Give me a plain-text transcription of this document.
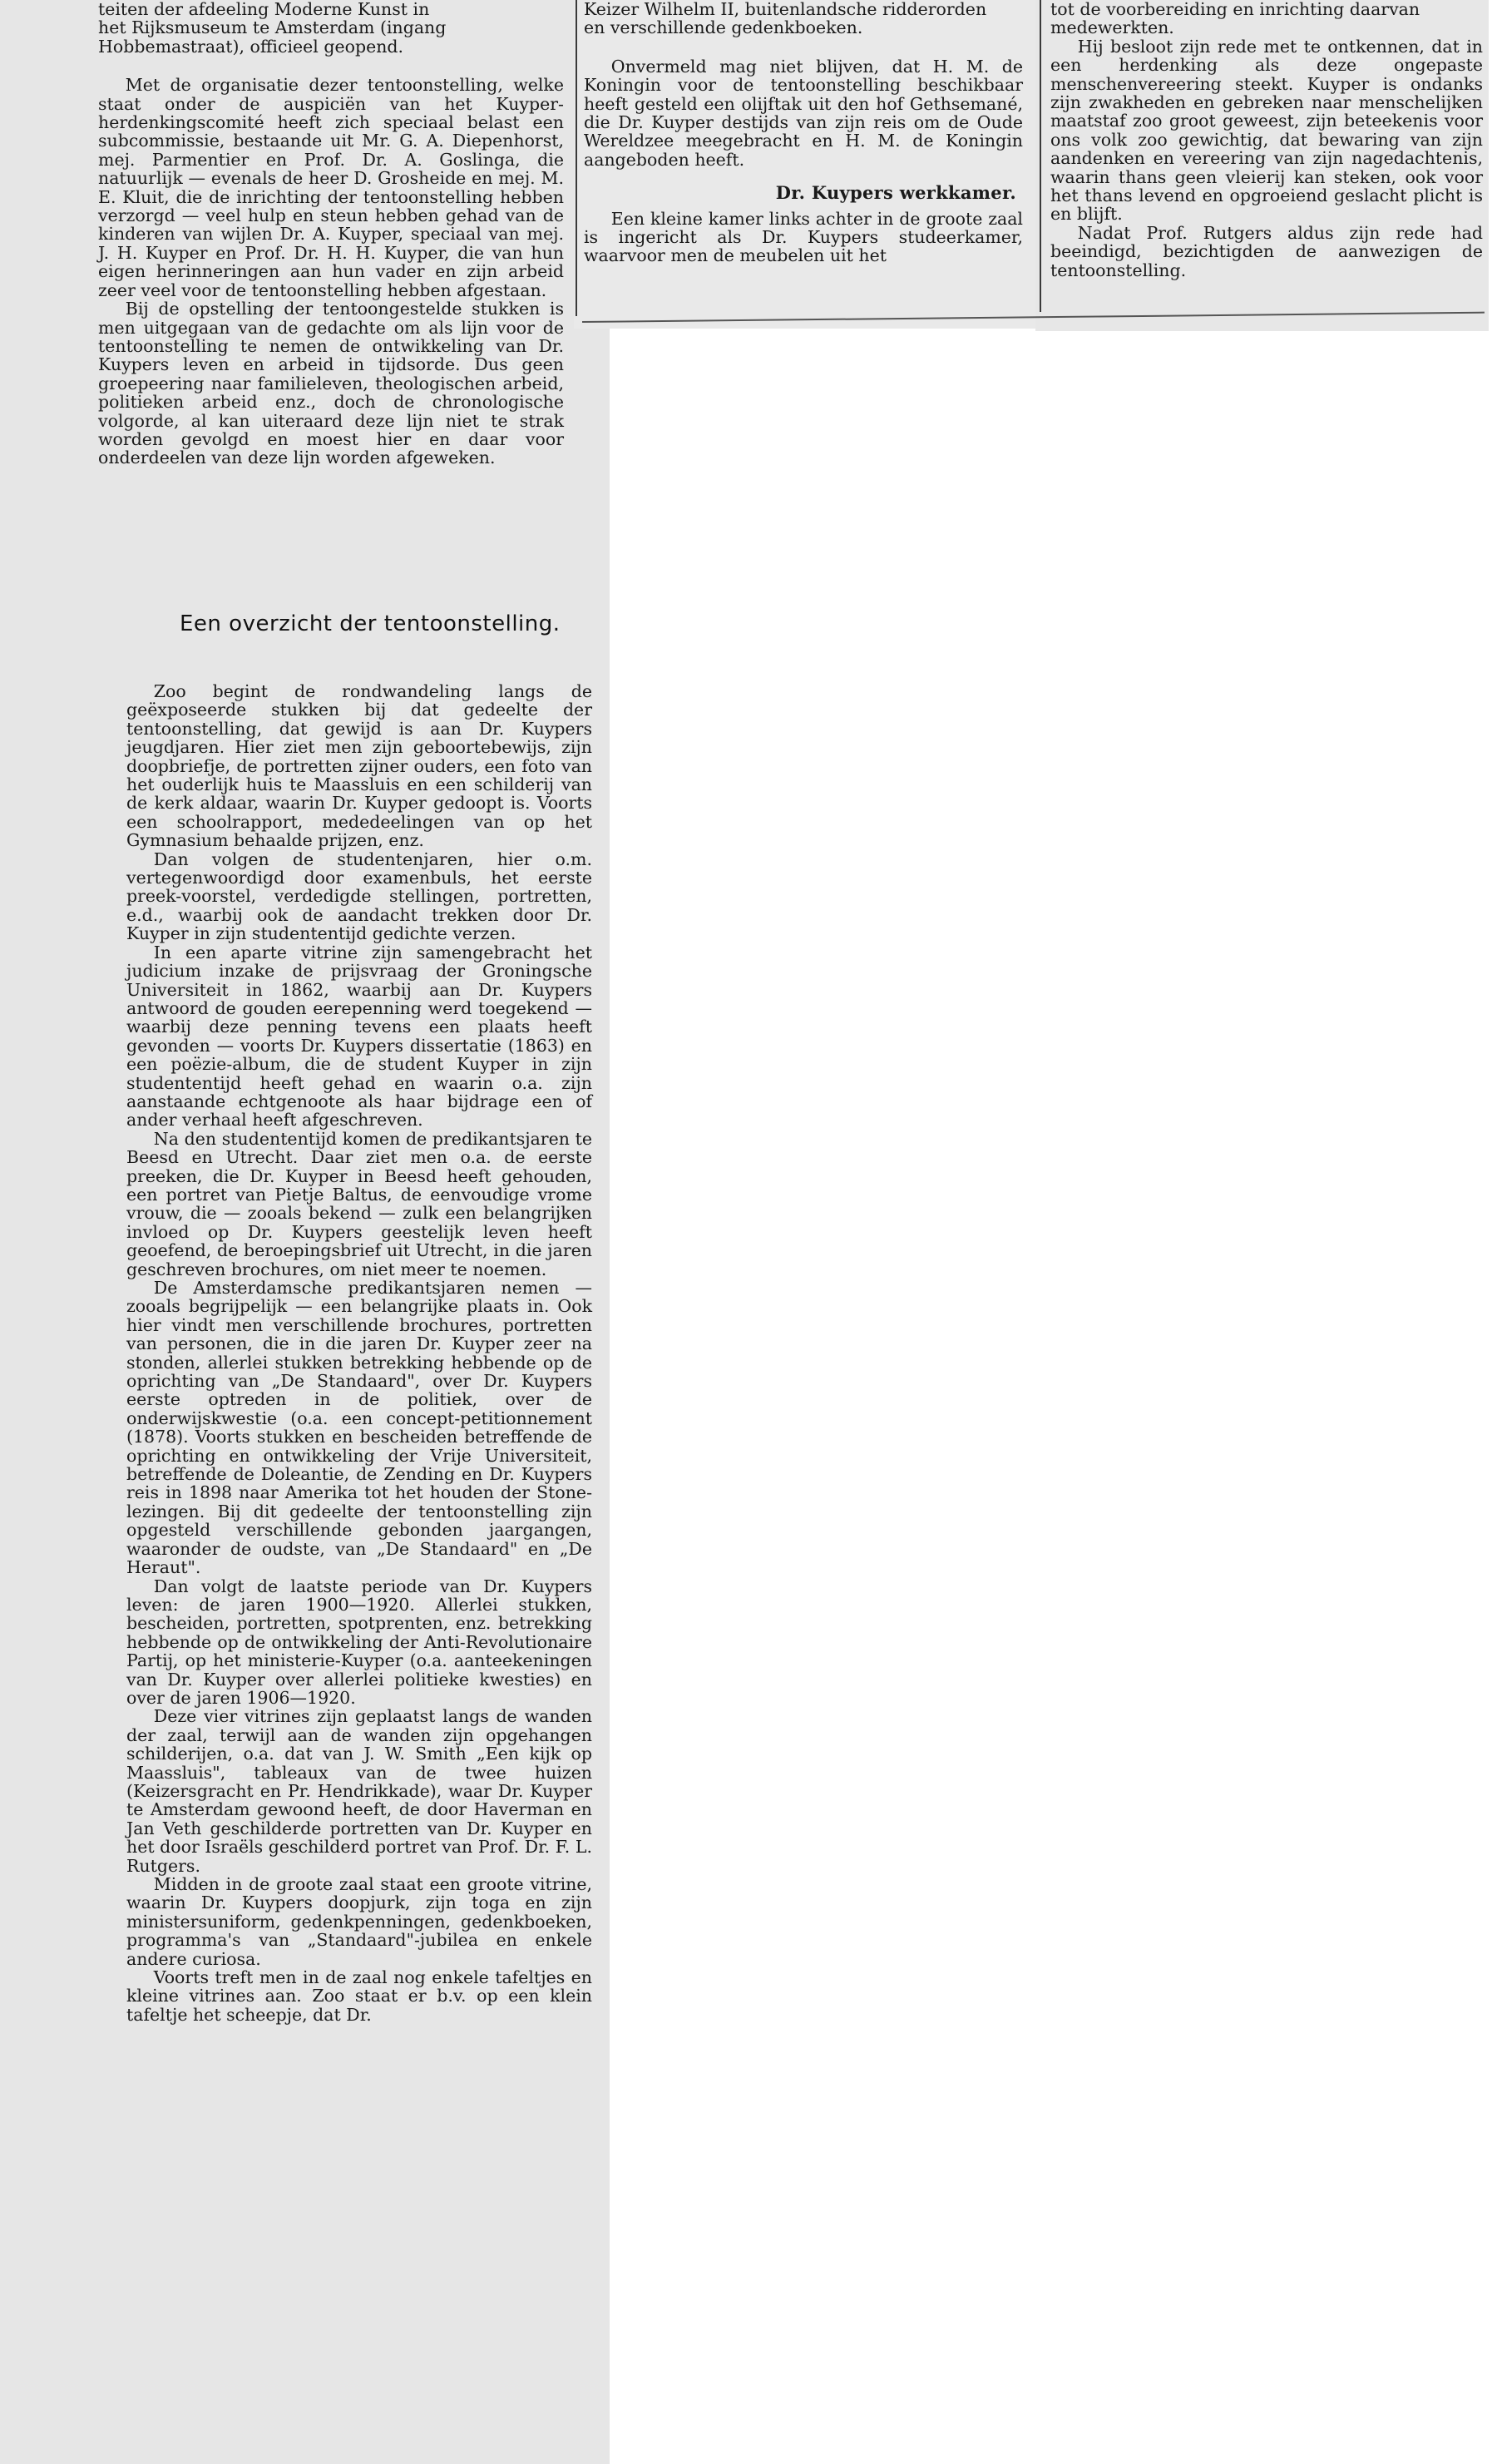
teiten der afdeeling Moderne Kunst in

het Rijksmuseum te Amsterdam (ingang

Hobbemastraat), officieel geopend.

Met de organisatie dezer tentoonstelling, welke staat onder de auspiciën van het Kuyper-herdenkingscomité heeft zich speciaal belast een subcommissie, bestaande uit Mr. G. A. Diepenhorst, mej. Parmentier en Prof. Dr. A. Goslinga, die natuurlijk — evenals de heer D. Grosheide en mej. M. E. Kluit, die de inrichting der tentoonstelling hebben verzorgd — veel hulp en steun hebben gehad van de kinderen van wijlen Dr. A. Kuyper, speciaal van mej. J. H. Kuyper en Prof. Dr. H. H. Kuyper, die van hun eigen herinneringen aan hun vader en zijn arbeid zeer veel voor de tentoonstelling hebben afgestaan.

Bij de opstelling der tentoongestelde stukken is men uitgegaan van de gedachte om als lijn voor de tentoonstelling te nemen de ontwikkeling van Dr. Kuypers leven en arbeid in tijdsorde. Dus geen groepeering naar familieleven, theologischen arbeid, politieken arbeid enz., doch de chronologische volgorde, al kan uiteraard deze lijn niet te strak worden gevolgd en moest hier en daar voor onderdeelen van deze lijn worden afgeweken.

Een overzicht der tentoonstelling.

Zoo begint de rondwandeling langs de geëxposeerde stukken bij dat gedeelte der tentoonstelling, dat gewijd is aan Dr. Kuypers jeugdjaren. Hier ziet men zijn geboortebewijs, zijn doopbriefje, de portretten zijner ouders, een foto van het ouderlijk huis te Maassluis en een schilderij van de kerk aldaar, waarin Dr. Kuyper gedoopt is. Voorts een schoolrapport, mededeelingen van op het Gymnasium behaalde prijzen, enz.

Dan volgen de studentenjaren, hier o.m. vertegenwoordigd door examenbuls, het eerste preek-voorstel, verdedigde stellingen, portretten, e.d., waarbij ook de aandacht trekken door Dr. Kuyper in zijn studententijd gedichte verzen.

In een aparte vitrine zijn samengebracht het judicium inzake de prijsvraag der Groningsche Universiteit in 1862, waarbij aan Dr. Kuypers antwoord de gouden eerepenning werd toegekend — waarbij deze penning tevens een plaats heeft gevonden — voorts Dr. Kuypers dissertatie (1863) en een poëzie-album, die de student Kuyper in zijn studententijd heeft gehad en waarin o.a. zijn aanstaande echtgenoote als haar bijdrage een of ander verhaal heeft afgeschreven.

Na den studententijd komen de predikantsjaren te Beesd en Utrecht. Daar ziet men o.a. de eerste preeken, die Dr. Kuyper in Beesd heeft gehouden, een portret van Pietje Baltus, de eenvoudige vrome vrouw, die — zooals bekend — zulk een belangrijken invloed op Dr. Kuypers geestelijk leven heeft geoefend, de beroepingsbrief uit Utrecht, in die jaren geschreven brochures, om niet meer te noemen.

De Amsterdamsche predikantsjaren nemen — zooals begrijpelijk — een belangrijke plaats in. Ook hier vindt men verschillende brochures, portretten van personen, die in die jaren Dr. Kuyper zeer na stonden, allerlei stukken betrekking hebbende op de oprichting van „De Standaard", over Dr. Kuypers eerste optreden in de politiek, over de onderwijskwestie (o.a. een concept-petitionnement (1878). Voorts stukken en bescheiden betreffende de oprichting en ontwikkeling der Vrije Universiteit, betreffende de Doleantie, de Zending en Dr. Kuypers reis in 1898 naar Amerika tot het houden der Stone-lezingen. Bij dit gedeelte der tentoonstelling zijn opgesteld verschillende gebonden jaargangen, waaronder de oudste, van „De Standaard" en „De Heraut".

Dan volgt de laatste periode van Dr. Kuypers leven: de jaren 1900—1920. Allerlei stukken, bescheiden, portretten, spotprenten, enz. betrekking hebbende op de ontwikkeling der Anti-Revolutionaire Partij, op het ministerie-Kuyper (o.a. aanteekeningen van Dr. Kuyper over allerlei politieke kwesties) en over de jaren 1906—1920.

Deze vier vitrines zijn geplaatst langs de wanden der zaal, terwijl aan de wanden zijn opgehangen schilderijen, o.a. dat van J. W. Smith „Een kijk op Maassluis", tableaux van de twee huizen (Keizersgracht en Pr. Hendrikkade), waar Dr. Kuyper te Amsterdam gewoond heeft, de door Haverman en Jan Veth geschilderde portretten van Dr. Kuyper en het door Israëls geschilderd portret van Prof. Dr. F. L. Rutgers.

Midden in de groote zaal staat een groote vitrine, waarin Dr. Kuypers doopjurk, zijn toga en zijn ministersuniform, gedenkpenningen, gedenkboeken, programma's van „Standaard"-jubilea en enkele andere curiosa.

Voorts treft men in de zaal nog enkele tafeltjes en kleine vitrines aan. Zoo staat er b.v. op een klein tafeltje het scheepje, dat Dr.

Keizer Wilhelm II, buitenlandsche ridderorden

en verschillende gedenkboeken.

Onvermeld mag niet blijven, dat H. M. de Koningin voor de tentoonstelling beschikbaar heeft gesteld een olijftak uit den hof Gethsemané, die Dr. Kuyper destijds van zijn reis om de Oude Wereldzee meegebracht en H. M. de Koningin aangeboden heeft.

Dr. Kuypers werkkamer.

Een kleine kamer links achter in de groote zaal is ingericht als Dr. Kuypers studeerkamer, waarvoor men de meubelen uit het

tot de voorbereiding en inrichting daarvan

medewerkten.

Hij besloot zijn rede met te ontkennen, dat in een herdenking als deze ongepaste menschenvereering steekt. Kuyper is ondanks zijn zwakheden en gebreken naar menschelijken maatstaf zoo groot geweest, zijn beteekenis voor ons volk zoo gewichtig, dat bewaring van zijn aandenken en vereering van zijn nagedachtenis, waarin thans geen vleierij kan steken, ook voor het thans levend en opgroeiend geslacht plicht is en blijft.

Nadat Prof. Rutgers aldus zijn rede had beeindigd, bezichtigden de aanwezigen de tentoonstelling.
